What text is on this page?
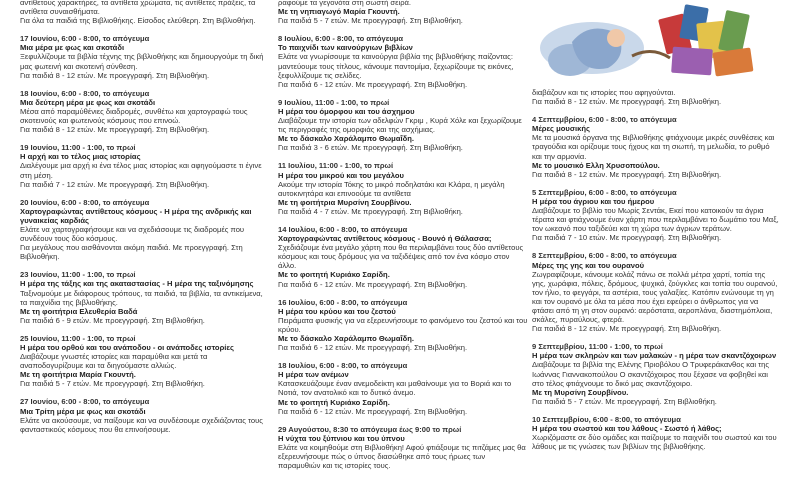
αντίθετους χαρακτήρες, τα αντίθετα χρώματα, τις αντίθετες πράξεις, τα αντίθετα συναισθήματα.
Για όλα τα παιδιά της Βιβλιοθήκης. Είσοδος ελεύθερη. Στη Βιβλιοθήκη.
17 Ιουνίου, 6:00 - 8:00, το απόγευμα
Μια μέρα με φως και σκοτάδι
Ξεφυλλίζουμε τα βιβλία τέχνης της βιβλιοθήκης και δημιουργούμε τη δική μας φωτεινή και σκοτεινή σύνθεση.
Για παιδιά 8 - 12 ετών. Με προεγγραφή. Στη Βιβλιοθήκη.
18 Ιουνίου, 6:00 - 8:00, το απόγευμα
Μια δεύτερη μέρα με φως και σκοτάδι
Μέσα από παραμύθένιες διαδρομές, συνθέτω και χαρτογραφώ τους σκοτεινούς και φωτεινούς κόσμους που επινοώ.
Για παιδιά 8 - 12 ετών. Με προεγγραφή. Στη Βιβλιοθήκη.
19 Ιουνίου, 11:00 - 1:00, το πρωί
Η αρχή και το τέλος μιας ιστορίας
Διαλέγουμε μια αρχή κι ένα τέλος μιας ιστορίας και αφηγούμαστε τι έγινε στη μέση.
Για παιδιά 7 - 12 ετών. Με προεγγραφή. Στη Βιβλιοθήκη.
20 Ιουνίου, 6:00 - 8:00, το απόγευμα
Χαρτογραφώντας αντίθετους κόσμους - Η μέρα της ανδρικής και γυναικείας καρδιάς
Ελάτε να χαρτογραφήσουμε και να σχεδιάσουμε τις διαδρομές που συνδέουν τους δύο κόσμους.
Για μεγάλους που αισθάνονται ακόμη παιδιά. Με προεγγραφή. Στη Βιβλιοθήκη.
23 Ιουνίου, 11:00 - 1:00, το πρωί
Η μέρα της τάξης και της ακαταστασίας - Η μέρα της ταξινόμησης
Ταξινομούμε με διάφορους τρόπους, τα παιδιά, τα βιβλία, τα αντικείμενα, τα παιχνίδια της βιβλιοθήκης.
Με τη φοιτήτρια Ελευθερία Βαδά
Για παιδιά 6 - 9 ετών. Με προεγγραφή. Στη Βιβλιοθήκη.
25 Ιουνίου, 11:00 - 1:00, το πρωί
Η μέρα του ορθού και του ανάποδου - οι ανάποδες ιστορίες
Διαβάζουμε γνωστές ιστορίες και παραμύθια και μετά τα αναποδογυρίζουμε και τα διηγούμαστε αλλιώς.
Με τη φοιτήτρια Μαρία Γκουντή.
Για παιδιά 5 - 7 ετών. Με προεγγραφή. Στη Βιβλιοθήκη.
27 Ιουνίου, 6:00 - 8:00, το απόγευμα
Μια Τρίτη μέρα με φως και σκοτάδι
Ελάτε να ακούσουμε, να παίξουμε και να συνδέσουμε σχεδιάζοντας τους φανταστικούς κόσμους που θα επινοήσουμε.
ραφούμε τα γεγονότα στη σωστή σειρά.
Με τη νηπιαγωγό Μαρία Γκουντή.
Για παιδιά 5 - 7 ετών. Με προεγγραφή. Στη Βιβλιοθήκη.
8 Ιουλίου, 6:00 - 8:00, το απόγευμα
Το παιχνίδι των καινούργιων βιβλίων
Ελάτε να γνωρίσουμε τα καινούργια βιβλία της βιβλιοθήκης παίζοντας: μαντεύουμε τους τίτλους, κάνουμε παντομίμα, ξεχωρίζουμε τις εικόνες, ξεφυλλίζουμε τις σελίδες.
Για παιδιά 6 - 12 ετών. Με προεγγραφή. Στη Βιβλιοθήκη.
9 Ιουλίου, 11:00 - 1:00, το πρωί
Η μέρα του όμορφου και του άσχημου
Διαβάζουμε την ιστορία των αδελφών Γκριμ , Κυρά Χόλε και ξεχωρίζουμε τις περιγραφές της ομορφιάς και της ασχήμιας.
Με το δάσκαλο Χαράλαμπο Θωμαΐδη.
Για παιδιά 3 - 6 ετών. Με προεγγραφή. Στη Βιβλιοθήκη.
11 Ιουλίου, 11:00 - 1:00, το πρωί
Η μέρα του μικρού και του μεγάλου
Ακούμε την ιστορία Τόκης το μικρό ποδηλατάκι και Κλάρα, η μεγάλη αυτοκινητάρα και επινοούμε τα αντίθετα
Με τη φοιτήτρια Μυρσίνη Σουρβίνου.
Για παιδιά 4 - 7 ετών. Με προεγγραφή. Στη Βιβλιοθήκη.
14 Ιουλίου, 6:00 - 8:00, το απόγευμα
Χαρτογραφώντας αντίθετους κόσμους - Βουνό ή Θάλασσα;
Σχεδιάζουμε ένα μεγάλο χάρτη που θα περιλαμβάνει τους δύο αντίθετους κόσμους και τους δρόμους για να ταξιδέψεις από τον ένα κόσμο στον άλλο.
Με το φοιτητή Κυριάκο Σαρίδη.
Για παιδιά 6 - 12 ετών. Με προεγγραφή. Στη Βιβλιοθήκη.
16 Ιουλίου, 6:00 - 8:00, το απόγευμα
Η μέρα του κρύου και του ζεστού
Πειράματα φυσικής για να εξερευνήσουμε το φαινόμενο του ζεστού και του κρύου.
Με το δάσκαλο Χαράλαμπο Θωμαΐδη.
Για παιδιά 6 - 12 ετών. Με προεγγραφή. Στη Βιβλιοθήκη.
18 Ιουλίου, 6:00 - 8:00, το απόγευμα
Η μέρα των ανέμων
Κατασκευάζουμε έναν ανεμοδείκτη και μαθαίνουμε για το Βοριά και το Νοτιά, τον ανατολικό και το δυτικό άνεμο.
Με το φοιτητή Κυριάκο Σαρίδη.
Για παιδιά 6 - 12 ετών. Με προεγγραφή. Στη Βιβλιοθήκη.
29 Αυγούστου, 8:30 το απόγευμα έως 9:00 το πρωί
Η νύχτα του ξύπνιου και του ύπνου
Ελάτε να κοιμηθούμε στη Βιβλιοθήκη! Αφού φτιάξουμε τις πιτζάμες μας θα εξερευνήσουμε πώς ο ύπνος διασώθηκε από τους ήρωες των παραμυθιών και τις ιστορίες τους.
διαβάζουν και τις ιστορίες που αφηγούνται.
Για παιδιά 8 - 12 ετών. Με προεγγραφή. Στη Βιβλιοθήκη.
4 Σεπτεμβρίου, 6:00 - 8:00, το απόγευμα
Μέρες μουσικής
Με τα μουσικά όργανα της Βιβλιοθήκης φτιάχνουμε μικρές συνθέσεις και τραγούδια και ορίζουμε τους ήχους και τη σιωπή, τη μελωδία, το ρυθμό και την αρμονία.
Με το μουσικό Ελλη Χρυσοπούλου.
Για παιδιά 8 - 12 ετών. Με προεγγραφή. Στη Βιβλιοθήκη.
5 Σεπτεμβρίου, 6:00 - 8:00, το απόγευμα
Η μέρα του άγριου και του ήμερου
Διαβάζουμε το βιβλίο του Μωρίς Σεντάκ, Εκεί που κατοικούν τα άγρια τέρατα και φτιάχνουμε έναν χάρτη που περιλαμβάνει το δωμάτιο του Μαξ, τον ωκεανό που ταξιδεύει και τη χώρα των άγριων τεράτων.
Για παιδιά 7 - 10 ετών. Με προεγγραφή. Στη Βιβλιοθήκη.
8 Σεπτεμβρίου, 6:00 - 8:00, το απόγευμα
Μέρες της γης και του ουρανού
Ζωγραφίζουμε, κάνουμε κολάζ πάνω σε πολλά μέτρα χαρτί, τοπία της γης, χωράφια, πόλεις, δρόμους, ψυχικά, ζούγκλες και τοπία του ουρανού, τον ήλιο, το φεγγάρι, τα αστέρια, τους γαλαξίες. Κατόπιν ενώνουμε τη γη και τον ουρανό με όλα τα μέσα που έχει εφεύρει ο άνθρωπος για να φτάσει από τη γη στον ουρανό: αερόστατα, αεροπλάνα, διαστημόπλοια, σκάλες, πυραύλους, φτερά.
Για παιδιά 8 - 12 ετών. Με προεγγραφή. Στη Βιβλιοθήκη.
9 Σεπτεμβρίου, 11:00 - 1:00, το πρωί
Η μέρα των σκληρών και των μαλακών - η μέρα των σκαντζόχοιρων
Διαβάζουμε τα βιβλία της Ελένης Πριοβόλου Ο Τρυφεράκανθος και της Ιωάννας Γιαννακοπούλου Ο σκαντζόχοιρος που ξέχασε να φοβηθεί και στο τέλος φτιάχνουμε το δικό μας σκαντζόχοιρο.
Με τη Μυρσίνη Σουρβίνου.
Για παιδιά 5 - 7 ετών. Με προεγγραφή. Στη Βιβλιοθήκη.
10 Σεπτεμβρίου, 6:00 - 8:00, το απόγευμα
Η μέρα του σωστού και του λάθους - Σωστό ή λάθος;
Χωριζόμαστε σε δύο ομάδες και παίζουμε το παιχνίδι του σωστού και του λάθους με τις γνώσεις των βιβλίων της βιβλιοθήκης.
